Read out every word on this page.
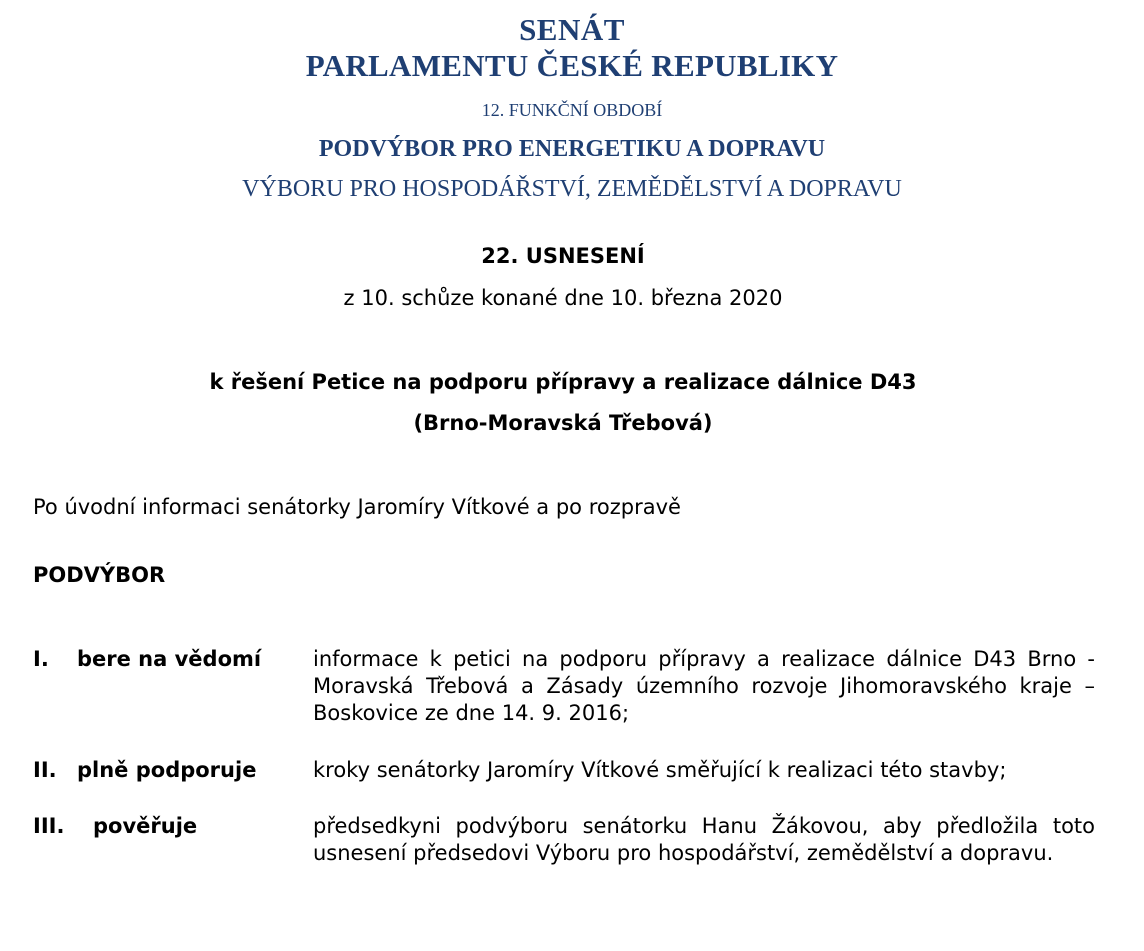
SENÁT
PARLAMENTU ČESKÉ REPUBLIKY
12. FUNKČNÍ OBDOBÍ
PODVÝBOR PRO ENERGETIKU A DOPRAVU
VÝBORU PRO HOSPODÁŘSTVÍ, ZEMĚDĚLSTVÍ A DOPRAVU
22. USNESENÍ
z 10. schůze konané dne 10. března 2020
k řešení Petice na podporu přípravy a realizace dálnice D43
(Brno-Moravská Třebová)
Po úvodní informaci senátorky Jaromíry Vítkové a po rozpravě
PODVÝBOR
I. bere na vědomí informace k petici na podporu přípravy a realizace dálnice D43 Brno - Moravská Třebová a Zásady územního rozvoje Jihomoravského kraje – Boskovice ze dne 14. 9. 2016;
II. plně podporuje	kroky senátorky Jaromíry Vítkové směřující k realizaci této stavby;
III. pověřuje	předsedkyni podvýboru senátorku Hanu Žákovou, aby předložila toto usnesení předsedovi Výboru pro hospodářství, zemědělství a dopravu.
